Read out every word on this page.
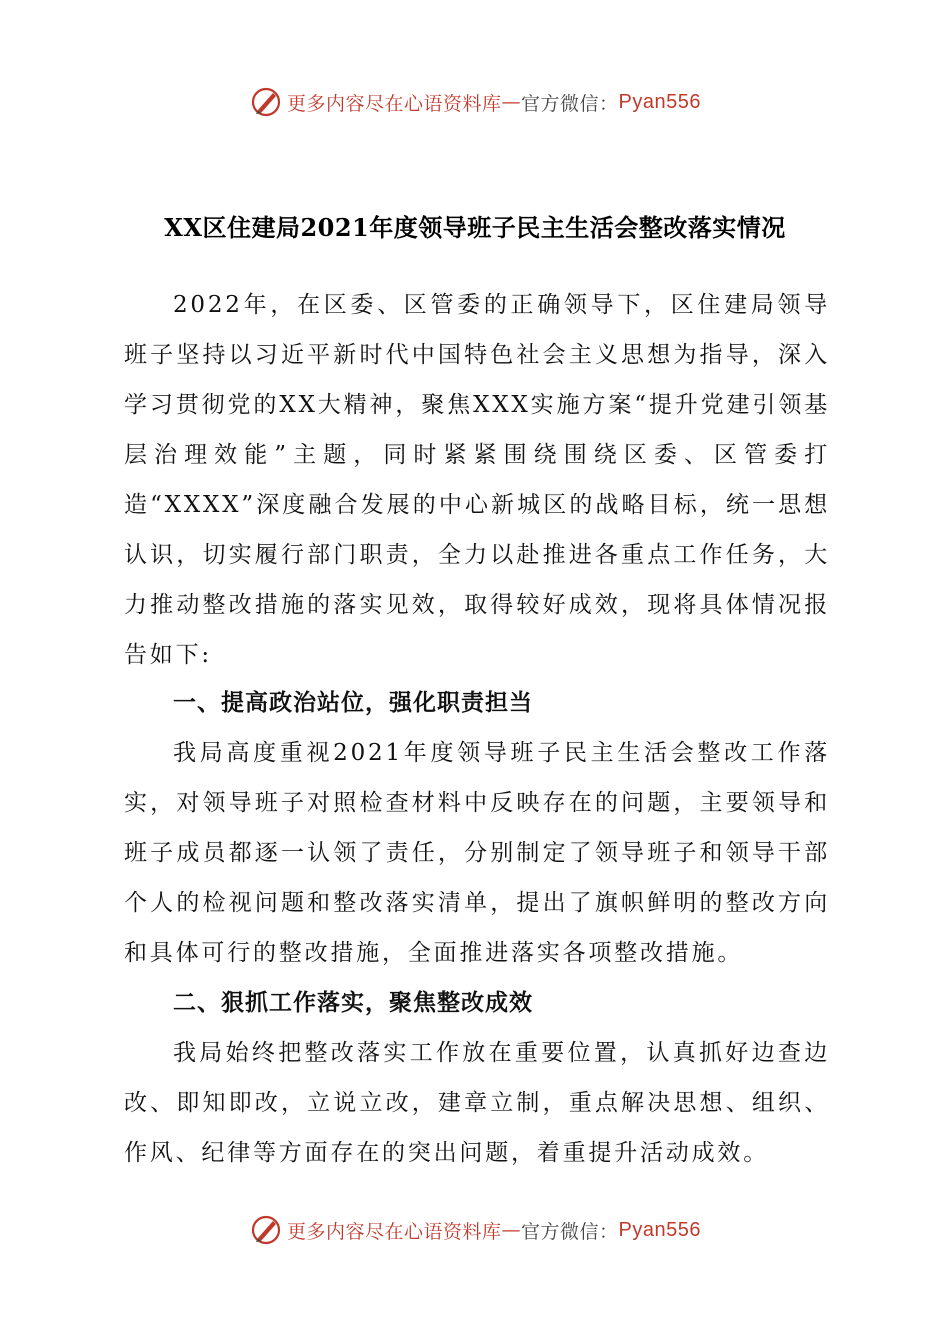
更多内容尽在心语资料库 — 官方微信： Pyan556
XX区住建局2021年度领导班子民主生活会整改落实情况

2022年，在区委、区管委的正确领导下，区住建局领导班子坚持以习近平新时代中国特色社会主义思想为指导，深入学习贯彻党的XX大精神，聚焦XXX实施方案“提升党建引领基层治理效能”主题，同时紧紧围绕围绕区委、区管委打造“XXXX”深度融合发展的中心新城区的战略目标，统一思想认识，切实履行部门职责，全力以赴推进各重点工作任务，大力推动整改措施的落实见效，取得较好成效，现将具体情况报告如下:

一、提高政治站位，强化职责担当

我局高度重视2021年度领导班子民主生活会整改工作落实，对领导班子对照检查材料中反映存在的问题，主要领导和班子成员都逐一认领了责任，分别制定了领导班子和领导干部个人的检视问题和整改落实清单，提出了旗帜鲜明的整改方向和具体可行的整改措施，全面推进落实各项整改措施。

二、狠抓工作落实，聚焦整改成效

我局始终把整改落实工作放在重要位置，认真抓好边查边改、即知即改，立说立改，建章立制，重点解决思想、组织、作风、纪律等方面存在的突出问题，着重提升活动成效。

更多内容尽在心语资料库 — 官方微信： Pyan556
